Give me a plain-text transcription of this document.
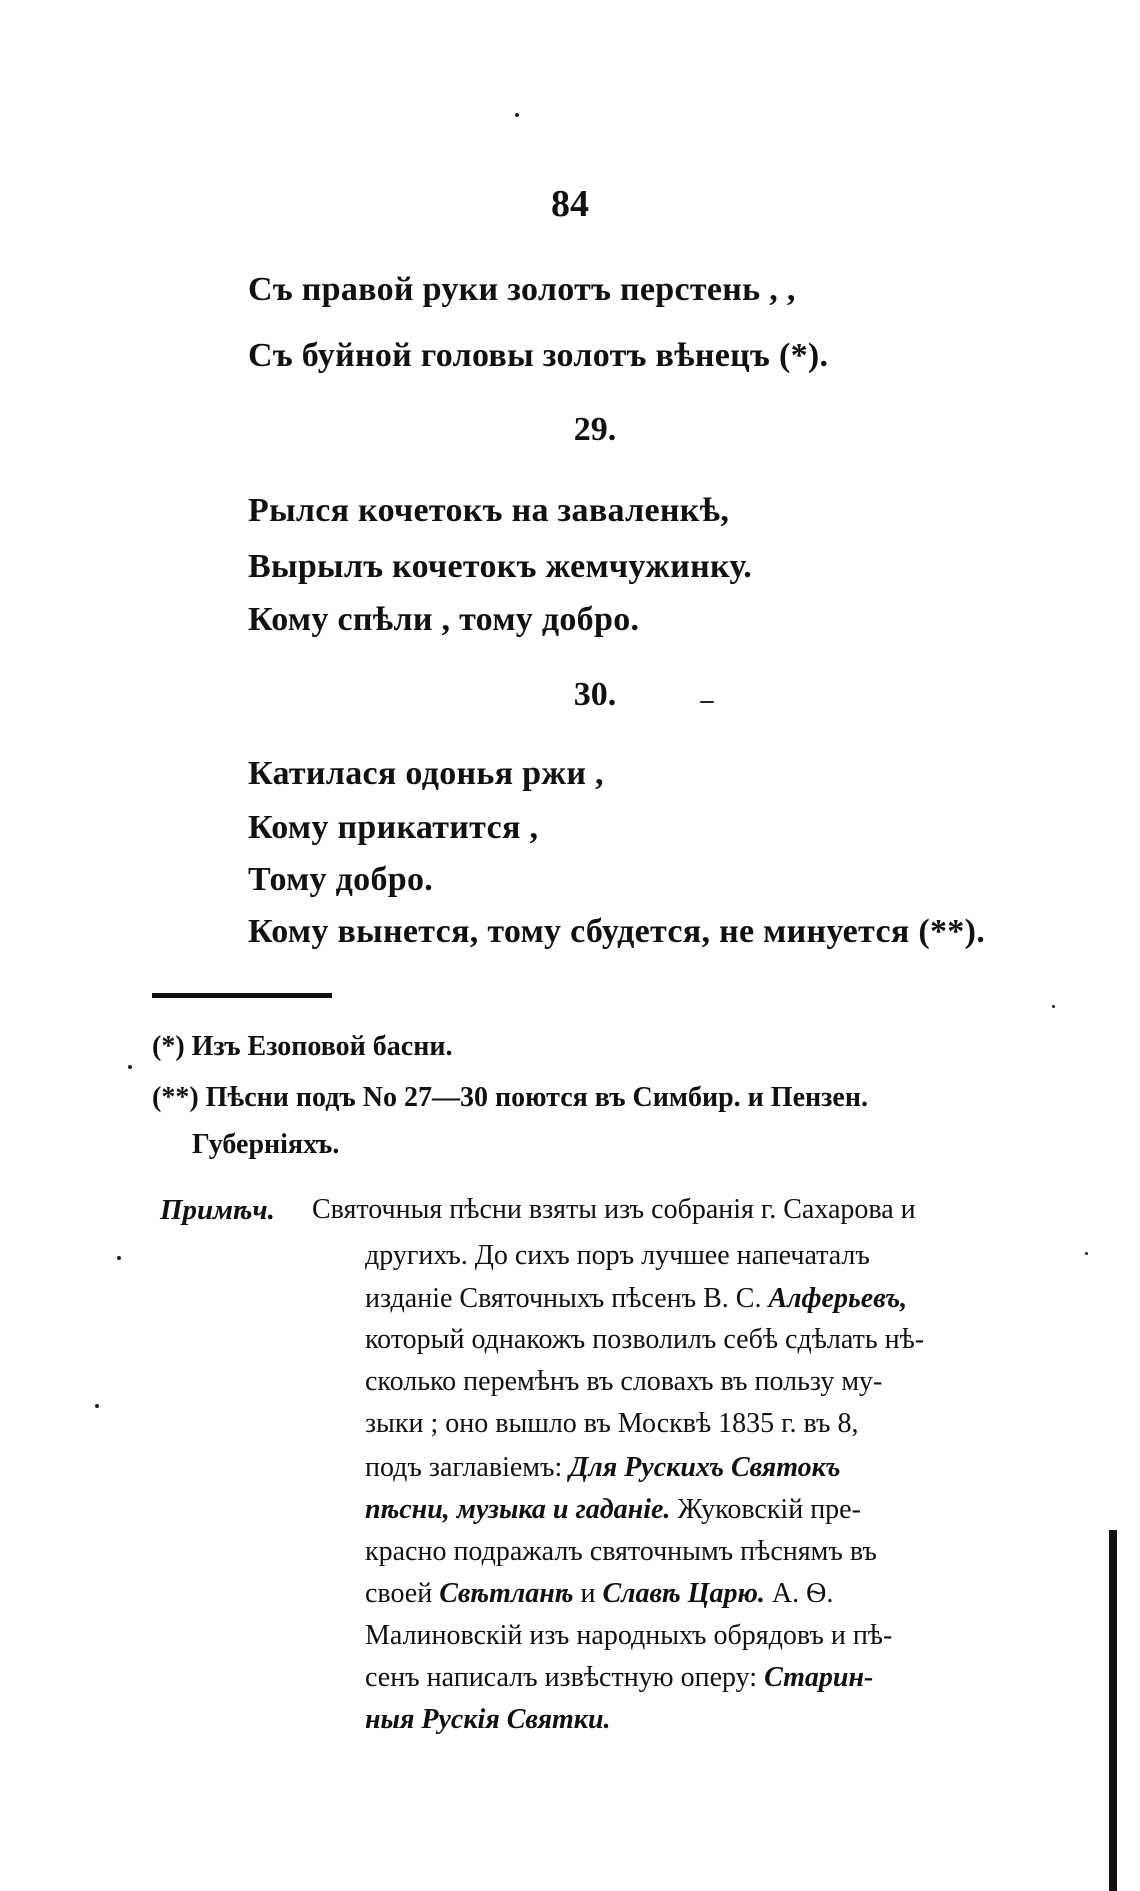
84
Съ правой руки золотъ перстень , ,
Съ буйной головы золотъ вѣнецъ (*).
29.
Рылся кочетокъ на заваленкѣ,
Вырылъ кочетокъ жемчужинку.
Кому спѣли , тому добро.
30.
Катилася одонья ржи ,
Кому прикатится ,
Тому добро.
Кому вынется, тому сбудется, не минуется (**).
(*) Изъ Езоповой басни.
(**) Пѣсни подъ No 27—30 поются въ Симбир. и Пензен.
Губерніяхъ.
Примѣч. Святочныя пѣсни взяты изъ собранія г. Сахарова и
другихъ. До сихъ поръ лучшее напечаталъ
изданіе Святочныхъ пѣсенъ В. С. Алферьевъ,
который однакожъ позволилъ себѣ сдѣлать нѣ-
сколько перемѣнъ въ словахъ въ пользу му-
зыки ; оно вышло въ Москвѣ 1835 г. въ 8,
подъ заглавіемъ: Для Рускихъ Святокъ
пѣсни, музыка и гаданіе. Жуковскій пре-
красно подражалъ святочнымъ пѣснямъ въ
своей Свѣтланѣ и Славѣ Царю. А. Ѳ.
Малиновскій изъ народныхъ обрядовъ и пѣ-
сенъ написалъ извѣстную оперу: Старин-
ныя Рускія Святки.
